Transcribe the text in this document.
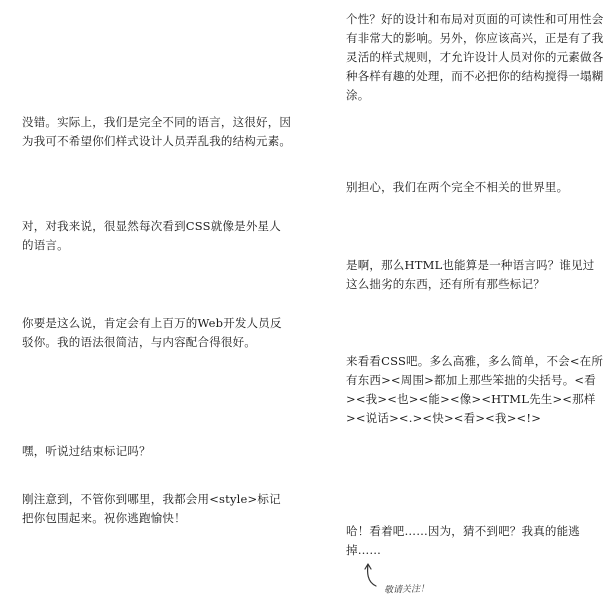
没错。实际上，我们是完全不同的语言，这很好，因为我可不希望你们样式设计人员弄乱我的结构元素。
对，对我来说，很显然每次看到CSS就像是外星人的语言。
你要是这么说，肯定会有上百万的Web开发人员反驳你。我的语法很简洁，与内容配合得很好。
嘿，听说过结束标记吗？
刚注意到，不管你到哪里，我都会用<style>标记把你包围起来。祝你逃跑愉快！
个性？好的设计和布局对页面的可读性和可用性会有非常大的影响。另外，你应该高兴，正是有了我灵活的样式规则，才允许设计人员对你的元素做各种各样有趣的处理，而不必把你的结构搅得一塌糊涂。
别担心，我们在两个完全不相关的世界里。
是啊，那么HTML也能算是一种语言吗？谁见过这么拙劣的东西，还有所有那些标记？
来看看CSS吧。多么高雅，多么简单，不会<在所有东西><周围>都加上那些笨拙的尖括号。<看><我><也><能><像><HTML先生><那样><说话><.><快><看><我><!>
哈！看着吧……因为，猜不到吧？我真的能逃掉……
敬请关注！
